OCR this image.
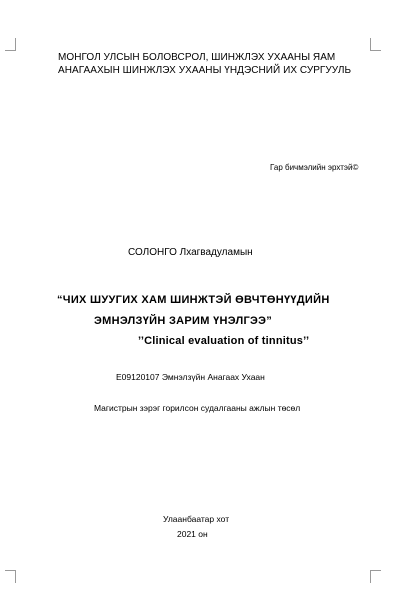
МОНГОЛ УЛСЫН БОЛОВСРОЛ, ШИНЖЛЭХ УХААНЫ ЯАМ
АНАГААХЫН ШИНЖЛЭХ УХААНЫ ҮНДЭСНИЙ ИХ СУРГУУЛЬ
Гар бичмэлийн эрхтэй©
СОЛОНГО Лхагвадуламын
“ЧИХ ШУУГИХ ХАМ ШИНЖТЭЙ ӨВЧТӨНҮҮДИЙН
ЭМНЭЛЗҮЙН ЗАРИМ ҮНЭЛГЭЭ”
’’Clinical evaluation of tinnitus’’
E09120107 Эмнэлзүйн Анагаах Ухаан
Магистрын зэрэг горилсон судалгааны ажлын төсөл
Улаанбаатар хот
2021 он
